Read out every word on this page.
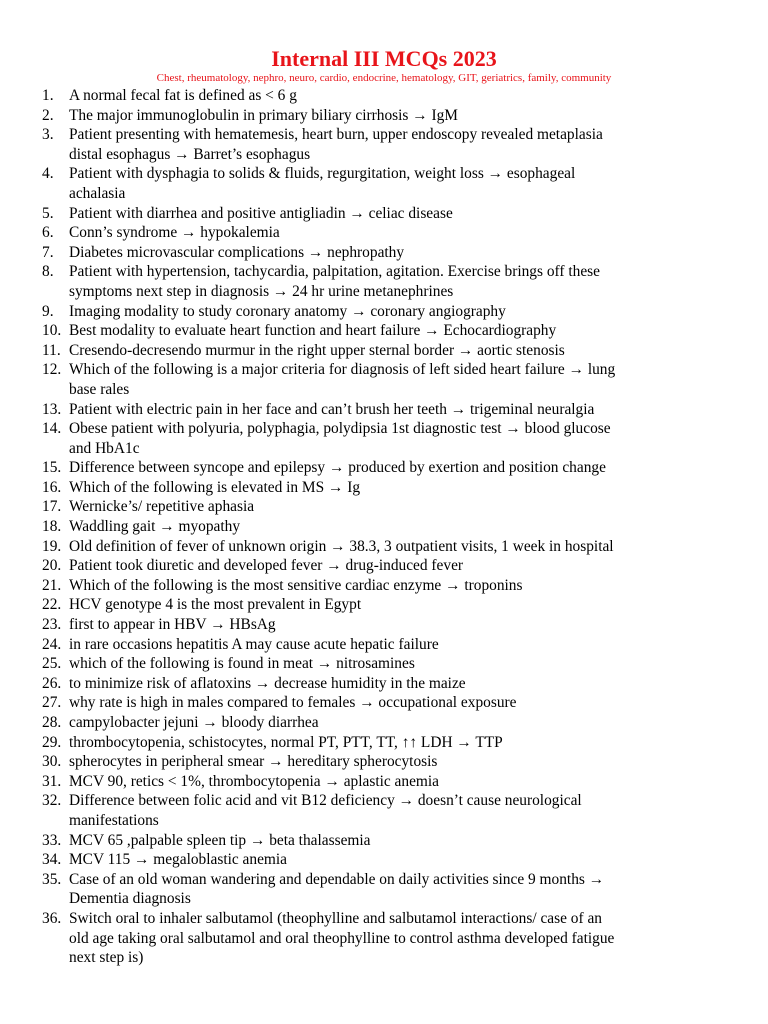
Internal III MCQs 2023
Chest, rheumatology, nephro, neuro, cardio, endocrine, hematology, GIT, geriatrics, family, community
1.	A normal fecal fat is defined as < 6 g
2.	The major immunoglobulin in primary biliary cirrhosis → IgM
3.	Patient presenting with hematemesis, heart burn, upper endoscopy revealed metaplasia
distal esophagus → Barret’s esophagus
4.	Patient with dysphagia to solids & fluids, regurgitation, weight loss → esophageal
achalasia
5.	Patient with diarrhea and positive antigliadin → celiac disease
6.	Conn’s syndrome → hypokalemia
7.	Diabetes microvascular complications → nephropathy
8.	Patient with hypertension, tachycardia, palpitation, agitation. Exercise brings off these
symptoms next step in diagnosis → 24 hr urine metanephrines
9.	Imaging modality to study coronary anatomy → coronary angiography
10. Best modality to evaluate heart function and heart failure → Echocardiography
11. Cresendo-decresendo murmur in the right upper sternal border → aortic stenosis
12. Which of the following is a major criteria for diagnosis of left sided heart failure → lung
base rales
13. Patient with electric pain in her face and can’t brush her teeth → trigeminal neuralgia
14. Obese patient with polyuria, polyphagia, polydipsia 1st diagnostic test → blood glucose
and HbA1c
15. Difference between syncope and epilepsy → produced by exertion and position change
16. Which of the following is elevated in MS → Ig
17. Wernicke’s/ repetitive aphasia
18. Waddling gait → myopathy
19. Old definition of fever of unknown origin → 38.3, 3 outpatient visits, 1 week in hospital
20. Patient took diuretic and developed fever → drug-induced fever
21. Which of the following is the most sensitive cardiac enzyme → troponins
22. HCV genotype 4 is the most prevalent in Egypt
23. first to appear in HBV → HBsAg
24. in rare occasions hepatitis A may cause acute hepatic failure
25. which of the following is found in meat → nitrosamines
26. to minimize risk of aflatoxins → decrease humidity in the maize
27. why rate is high in males compared to females → occupational exposure
28. campylobacter jejuni → bloody diarrhea
29. thrombocytopenia, schistocytes, normal PT, PTT, TT, ↑↑ LDH → TTP
30. spherocytes in peripheral smear → hereditary spherocytosis
31. MCV 90, retics < 1%, thrombocytopenia → aplastic anemia
32. Difference between folic acid and vit B12 deficiency → doesn’t cause neurological
manifestations
33. MCV 65 ,palpable spleen tip → beta thalassemia
34. MCV 115 → megaloblastic anemia
35. Case of an old woman wandering and dependable on daily activities since 9 months →
Dementia diagnosis
36. Switch oral to inhaler salbutamol (theophylline and salbutamol interactions/ case of an
old age taking oral salbutamol and oral theophylline to control asthma developed fatigue
next step is)
